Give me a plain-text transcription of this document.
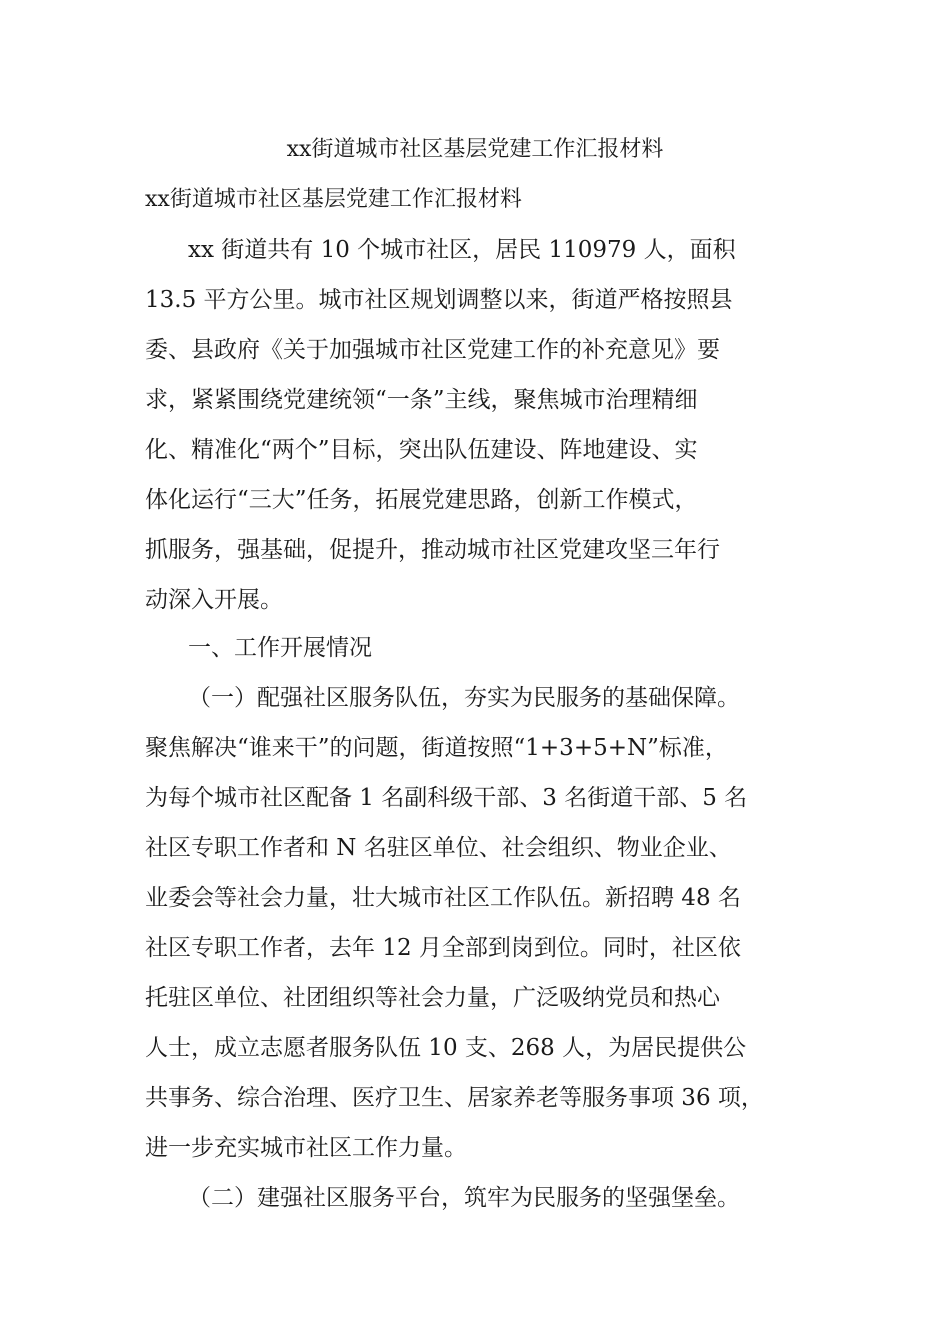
xx街道城市社区基层党建工作汇报材料
xx街道城市社区基层党建工作汇报材料
xx 街道共有 10 个城市社区，居民 110979 人，面积
13.5 平方公里。城市社区规划调整以来，街道严格按照县
委、县政府《关于加强城市社区党建工作的补充意见》要
求，紧紧围绕党建统领“一条”主线，聚焦城市治理精细
化、精准化“两个”目标，突出队伍建设、阵地建设、实
体化运行“三大”任务，拓展党建思路，创新工作模式，
抓服务，强基础，促提升，推动城市社区党建攻坚三年行
动深入开展。
一、工作开展情况
（一）配强社区服务队伍，夯实为民服务的基础保障。
聚焦解决“谁来干”的问题，街道按照“1+3+5+N”标准，
为每个城市社区配备 1 名副科级干部、3 名街道干部、5 名
社区专职工作者和 N 名驻区单位、社会组织、物业企业、
业委会等社会力量，壮大城市社区工作队伍。新招聘 48 名
社区专职工作者，去年 12 月全部到岗到位。同时，社区依
托驻区单位、社团组织等社会力量，广泛吸纳党员和热心
人士，成立志愿者服务队伍 10 支、268 人，为居民提供公
共事务、综合治理、医疗卫生、居家养老等服务事项 36 项，
进一步充实城市社区工作力量。
（二）建强社区服务平台，筑牢为民服务的坚强堡垒。
